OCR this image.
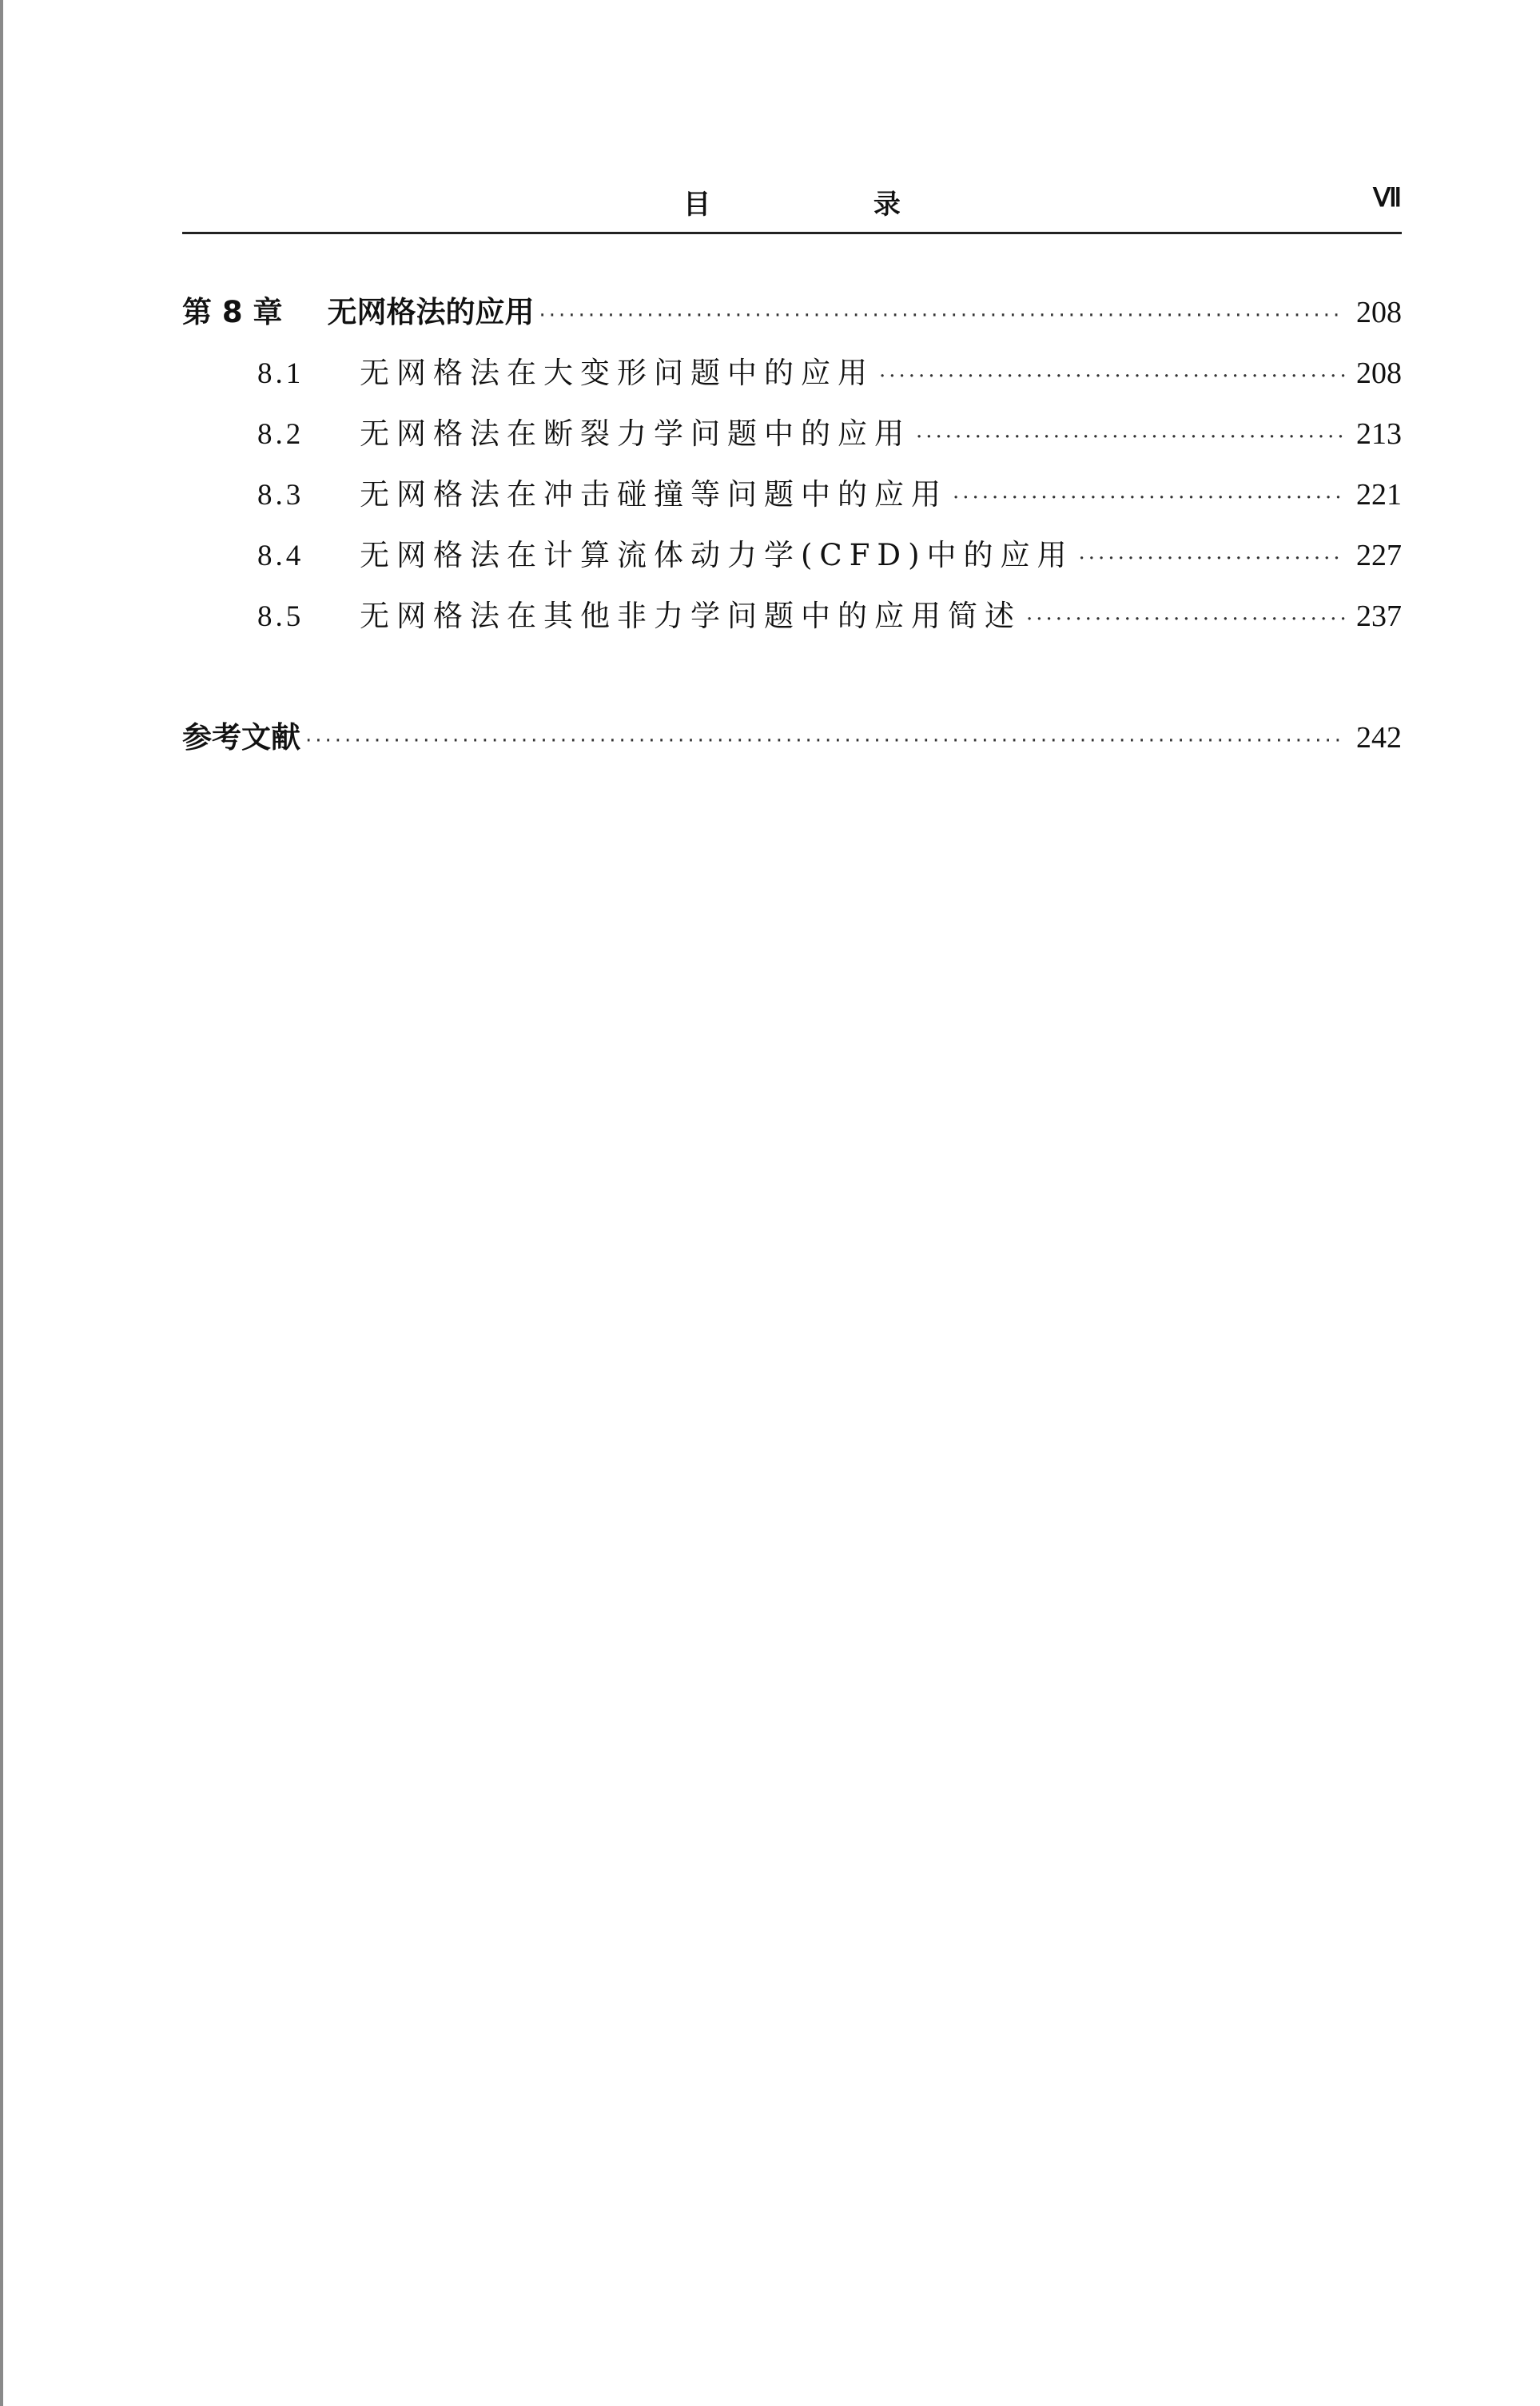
目 录	Ⅶ
第 8 章 无网格法的应用 ·····	208
8.1	无网格法在大变形问题中的应用 ·····	208
8.2	无网格法在断裂力学问题中的应用 ·····	213
8.3	无网格法在冲击碰撞等问题中的应用 ·····	221
8.4	无网格法在计算流体动力学(CFD)中的应用 ·····	227
8.5	无网格法在其他非力学问题中的应用简述 ·····	237
参考文献 ·····	242
